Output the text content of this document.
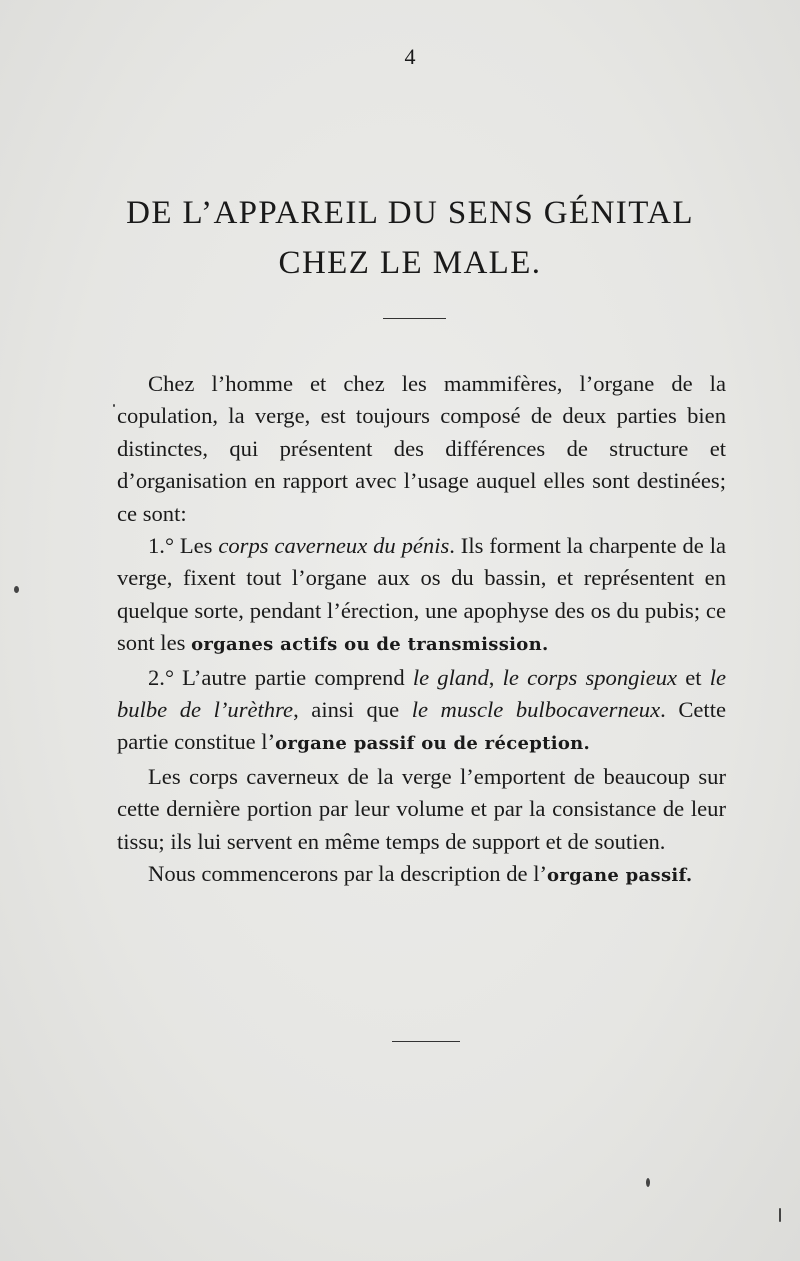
4
DE L’APPAREIL DU SENS GÉNITAL
CHEZ LE MALE.

Chez l’homme et chez les mammifères, l’organe de la copulation, la verge, est toujours composé de deux parties bien distinctes, qui présentent des différences de structure et d’organisation en rapport avec l’usage auquel elles sont destinées; ce sont:

1.° Les corps caverneux du pénis. Ils forment la charpente de la verge, fixent tout l’organe aux os du bassin, et représentent en quelque sorte, pendant l’érection, une apophyse des os du pubis; ce sont les organes actifs ou de transmission.

2.° L’autre partie comprend le gland, le corps spongieux et le bulbe de l’urèthre, ainsi que le muscle bulbocaverneux. Cette partie constitue l’organe passif ou de réception.

Les corps caverneux de la verge l’emportent de beaucoup sur cette dernière portion par leur volume et par la consistance de leur tissu; ils lui servent en même temps de support et de soutien.

Nous commencerons par la description de l’organe passif.
